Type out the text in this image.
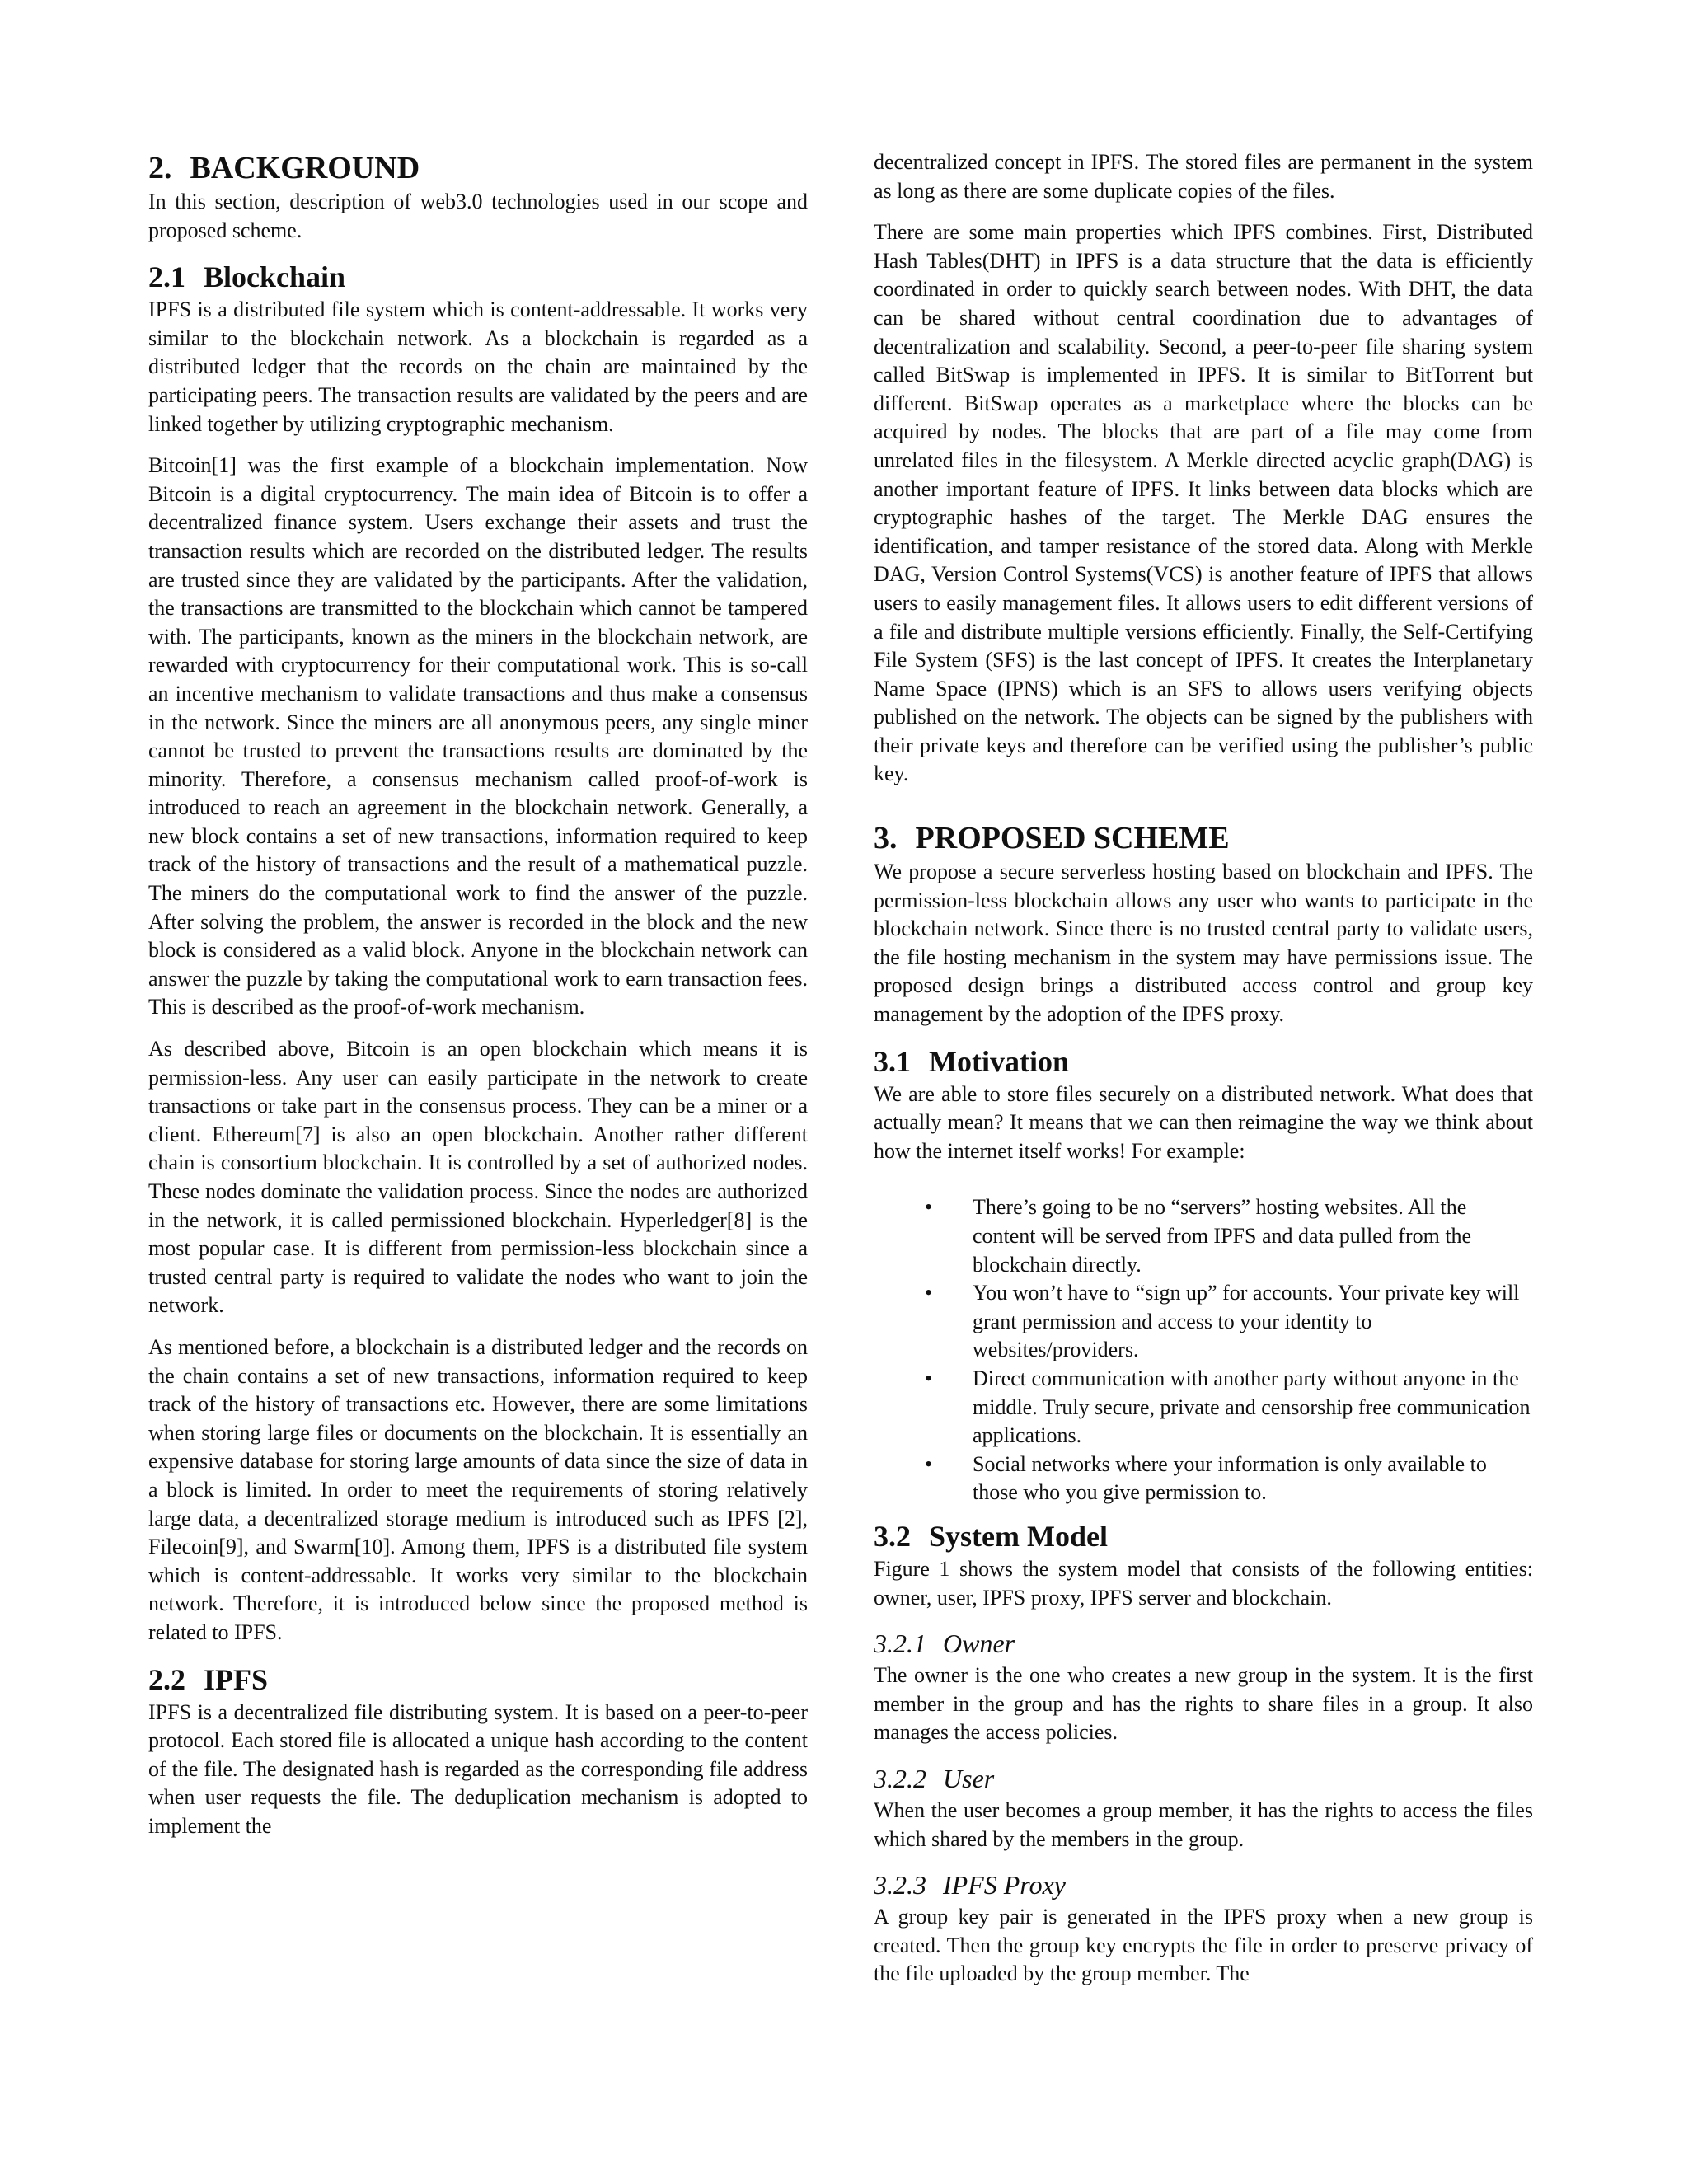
2. BACKGROUND

In this section, description of web3.0 technologies used in our scope and proposed scheme.

2.1 Blockchain

IPFS is a distributed file system which is content-addressable. It works very similar to the blockchain network. As a blockchain is regarded as a distributed ledger that the records on the chain are maintained by the participating peers. The transaction results are validated by the peers and are linked together by utilizing cryptographic mechanism.

Bitcoin[1] was the first example of a blockchain implementation. Now Bitcoin is a digital cryptocurrency. The main idea of Bitcoin is to offer a decentralized finance system. Users exchange their assets and trust the transaction results which are recorded on the distributed ledger. The results are trusted since they are validated by the participants. After the validation, the transactions are transmitted to the blockchain which cannot be tampered with. The participants, known as the miners in the blockchain network, are rewarded with cryptocurrency for their computational work. This is so-call an incentive mechanism to validate transactions and thus make a consensus in the network. Since the miners are all anonymous peers, any single miner cannot be trusted to prevent the transactions results are dominated by the minority. Therefore, a consensus mechanism called proof-of-work is introduced to reach an agreement in the blockchain network. Generally, a new block contains a set of new transactions, information required to keep track of the history of transactions and the result of a mathematical puzzle. The miners do the computational work to find the answer of the puzzle. After solving the problem, the answer is recorded in the block and the new block is considered as a valid block. Anyone in the blockchain network can answer the puzzle by taking the computational work to earn transaction fees. This is described as the proof-of-work mechanism.

As described above, Bitcoin is an open blockchain which means it is permission-less. Any user can easily participate in the network to create transactions or take part in the consensus process. They can be a miner or a client. Ethereum[7] is also an open blockchain. Another rather different chain is consortium blockchain. It is controlled by a set of authorized nodes. These nodes dominate the validation process. Since the nodes are authorized in the network, it is called permissioned blockchain. Hyperledger[8] is the most popular case. It is different from permission-less blockchain since a trusted central party is required to validate the nodes who want to join the network.

As mentioned before, a blockchain is a distributed ledger and the records on the chain contains a set of new transactions, information required to keep track of the history of transactions etc. However, there are some limitations when storing large files or documents on the blockchain. It is essentially an expensive database for storing large amounts of data since the size of data in a block is limited. In order to meet the requirements of storing relatively large data, a decentralized storage medium is introduced such as IPFS [2], Filecoin[9], and Swarm[10]. Among them, IPFS is a distributed file system which is content-addressable. It works very similar to the blockchain network. Therefore, it is introduced below since the proposed method is related to IPFS.

2.2 IPFS

IPFS is a decentralized file distributing system. It is based on a peer-to-peer protocol. Each stored file is allocated a unique hash according to the content of the file. The designated hash is regarded as the corresponding file address when user requests the file. The deduplication mechanism is adopted to implement the

decentralized concept in IPFS. The stored files are permanent in the system as long as there are some duplicate copies of the files.

There are some main properties which IPFS combines. First, Distributed Hash Tables(DHT) in IPFS is a data structure that the data is efficiently coordinated in order to quickly search between nodes. With DHT, the data can be shared without central coordination due to advantages of decentralization and scalability. Second, a peer-to-peer file sharing system called BitSwap is implemented in IPFS. It is similar to BitTorrent but different. BitSwap operates as a marketplace where the blocks can be acquired by nodes. The blocks that are part of a file may come from unrelated files in the filesystem. A Merkle directed acyclic graph(DAG) is another important feature of IPFS. It links between data blocks which are cryptographic hashes of the target. The Merkle DAG ensures the identification, and tamper resistance of the stored data. Along with Merkle DAG, Version Control Systems(VCS) is another feature of IPFS that allows users to easily management files. It allows users to edit different versions of a file and distribute multiple versions efficiently. Finally, the Self-Certifying File System (SFS) is the last concept of IPFS. It creates the Interplanetary Name Space (IPNS) which is an SFS to allows users verifying objects published on the network. The objects can be signed by the publishers with their private keys and therefore can be verified using the publisher’s public key.

3. PROPOSED SCHEME

We propose a secure serverless hosting based on blockchain and IPFS. The permission-less blockchain allows any user who wants to participate in the blockchain network. Since there is no trusted central party to validate users, the file hosting mechanism in the system may have permissions issue. The proposed design brings a distributed access control and group key management by the adoption of the IPFS proxy.

3.1 Motivation

We are able to store files securely on a distributed network. What does that actually mean? It means that we can then reimagine the way we think about how the internet itself works! For example:

• There’s going to be no “servers” hosting websites. All the content will be served from IPFS and data pulled from the blockchain directly.
• You won’t have to “sign up” for accounts. Your private key will grant permission and access to your identity to websites/providers.
• Direct communication with another party without anyone in the middle. Truly secure, private and censorship free communication applications.
• Social networks where your information is only available to those who you give permission to.
3.2 System Model

Figure 1 shows the system model that consists of the following entities: owner, user, IPFS proxy, IPFS server and blockchain.

3.2.1 Owner

The owner is the one who creates a new group in the system. It is the first member in the group and has the rights to share files in a group. It also manages the access policies.

3.2.2 User

When the user becomes a group member, it has the rights to access the files which shared by the members in the group.

3.2.3 IPFS Proxy

A group key pair is generated in the IPFS proxy when a new group is created. Then the group key encrypts the file in order to preserve privacy of the file uploaded by the group member. The
